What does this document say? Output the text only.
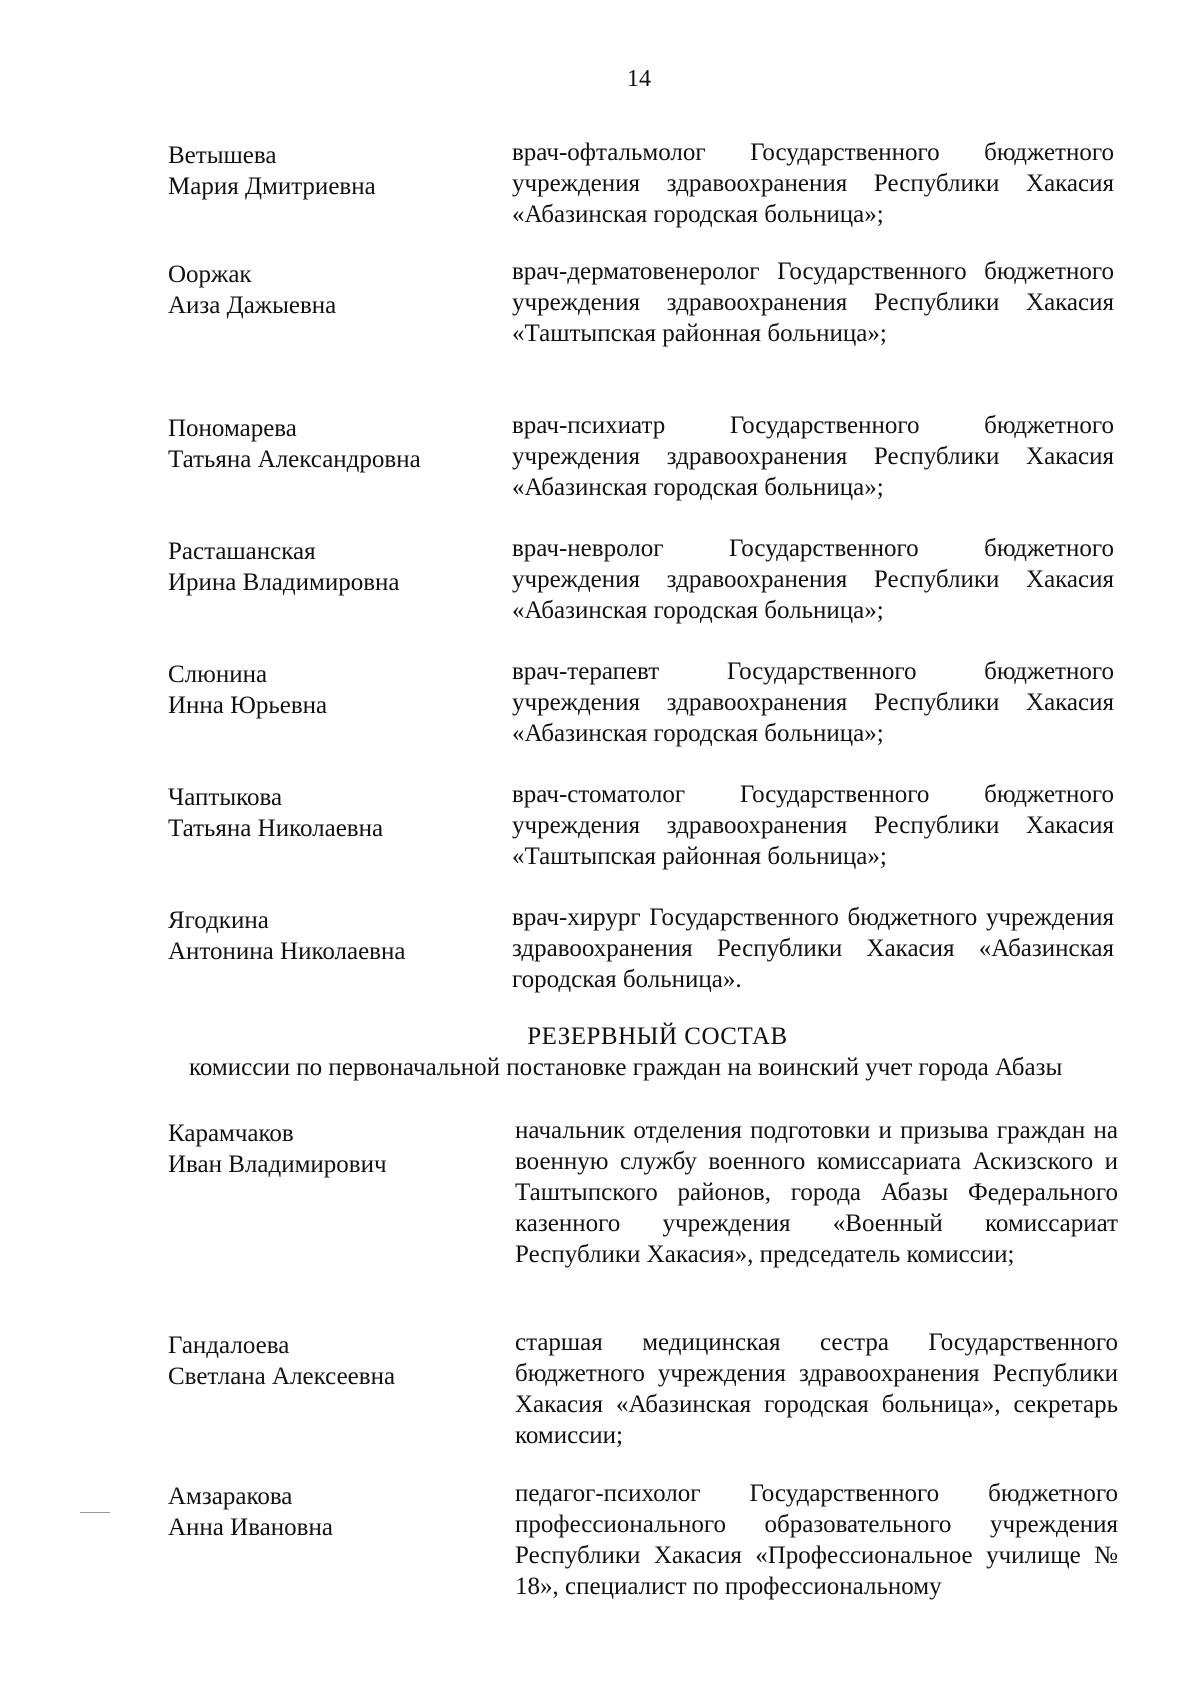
14
Ветышева
Мария Дмитриевна
врач-офтальмолог Государственного бюджетного учреждения здравоохранения Республики Хакасия «Абазинская городская больница»;
Ооржак
Аиза Дажыевна
врач-дерматовенеролог Государственного бюджетного учреждения здравоохранения Республики Хакасия «Таштыпская районная больница»;
Пономарева
Татьяна Александровна
врач-психиатр Государственного бюджетного учреждения здравоохранения Республики Хакасия «Абазинская городская больница»;
Расташанская
Ирина Владимировна
врач-невролог Государственного бюджетного учреждения здравоохранения Республики Хакасия «Абазинская городская больница»;
Слюнина
Инна Юрьевна
врач-терапевт Государственного бюджетного учреждения здравоохранения Республики Хакасия «Абазинская городская больница»;
Чаптыкова
Татьяна Николаевна
врач-стоматолог Государственного бюджетного учреждения здравоохранения Республики Хакасия «Таштыпская районная больница»;
Ягодкина
Антонина Николаевна
врач-хирург Государственного бюджетного учреждения здравоохранения Республики Хакасия «Абазинская городская больница».
РЕЗЕРВНЫЙ СОСТАВ
комиссии по первоначальной постановке граждан на воинский учет города Абазы
Карамчаков
Иван Владимирович
начальник отделения подготовки и призыва граждан на военную службу военного комиссариата Аскизского и Таштыпского районов, города Абазы Федерального казенного учреждения «Военный комиссариат Республики Хакасия», председатель комиссии;
Гандалоева
Светлана Алексеевна
старшая медицинская сестра Государственного бюджетного учреждения здравоохранения Республики Хакасия «Абазинская городская больница», секретарь комиссии;
Амзаракова
Анна Ивановна
педагог-психолог Государственного бюджетного профессионального образовательного учреждения Республики Хакасия «Профессиональное училище № 18», специалист по профессиональному
